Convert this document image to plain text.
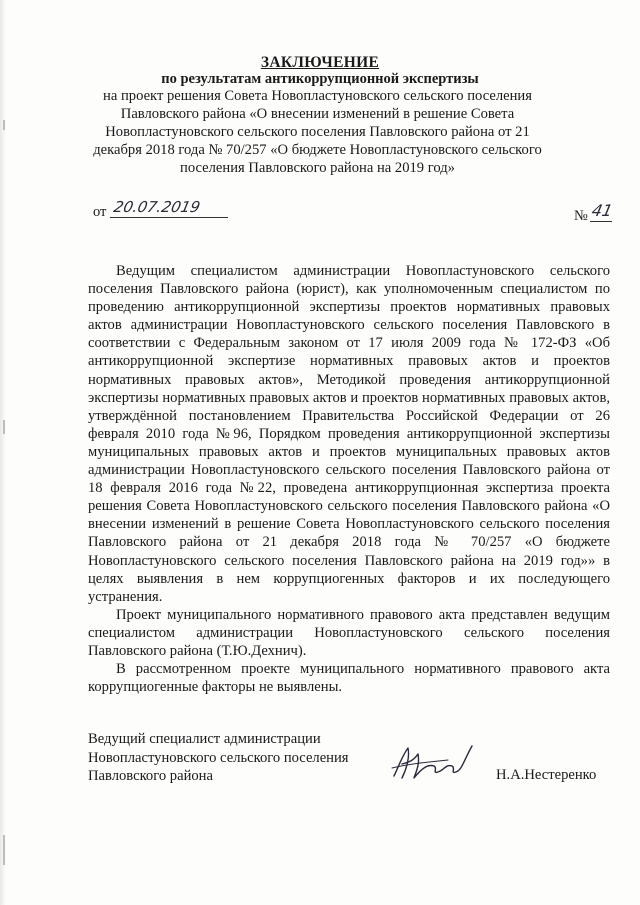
ЗАКЛЮЧЕНИЕ
по результатам антикоррупционной экспертизы
на проект решения Совета Новопластуновского сельского поселения Павловского района «О внесении изменений в решение Совета Новопластуновского сельского поселения Павловского района от 21 декабря 2018 года № 70/257 «О бюджете Новопластуновского сельского поселения Павловского района на 2019 год»
от 20.07.2019	№ 41

Ведущим специалистом администрации Новопластуновского сельского поселения Павловского района (юрист), как уполномоченным специалистом по проведению антикоррупционной экспертизы проектов нормативных правовых актов администрации Новопластуновского сельского поселения Павловского в соответствии с Федеральным законом от 17 июля 2009 года № 172-ФЗ «Об антикоррупционной экспертизе нормативных правовых актов и проектов нормативных правовых актов», Методикой проведения антикоррупционной экспертизы нормативных правовых актов и проектов нормативных правовых актов, утверждённой постановлением Правительства Российской Федерации от 26 февраля 2010 года №96, Порядком проведения антикоррупционной экспертизы муниципальных правовых актов и проектов муниципальных правовых актов администрации Новопластуновского сельского поселения Павловского района от 18 февраля 2016 года №22, проведена антикоррупционная экспертиза проекта решения Совета Новопластуновского сельского поселения Павловского района «О внесении изменений в решение Совета Новопластуновского сельского поселения Павловского района от 21 декабря 2018 года № 70/257 «О бюджете Новопластуновского сельского поселения Павловского района на 2019 год»» в целях выявления в нем коррупциогенных факторов и их последующего устранения.

Проект муниципального нормативного правового акта представлен ведущим специалистом администрации Новопластуновского сельского поселения Павловского района (Т.Ю.Дехнич).

В рассмотренном проекте муниципального нормативного правового акта коррупциогенные факторы не выявлены.

Ведущий специалист администрации
Новопластуновского сельского поселения
Павловского района	Н.А.Нестеренко
